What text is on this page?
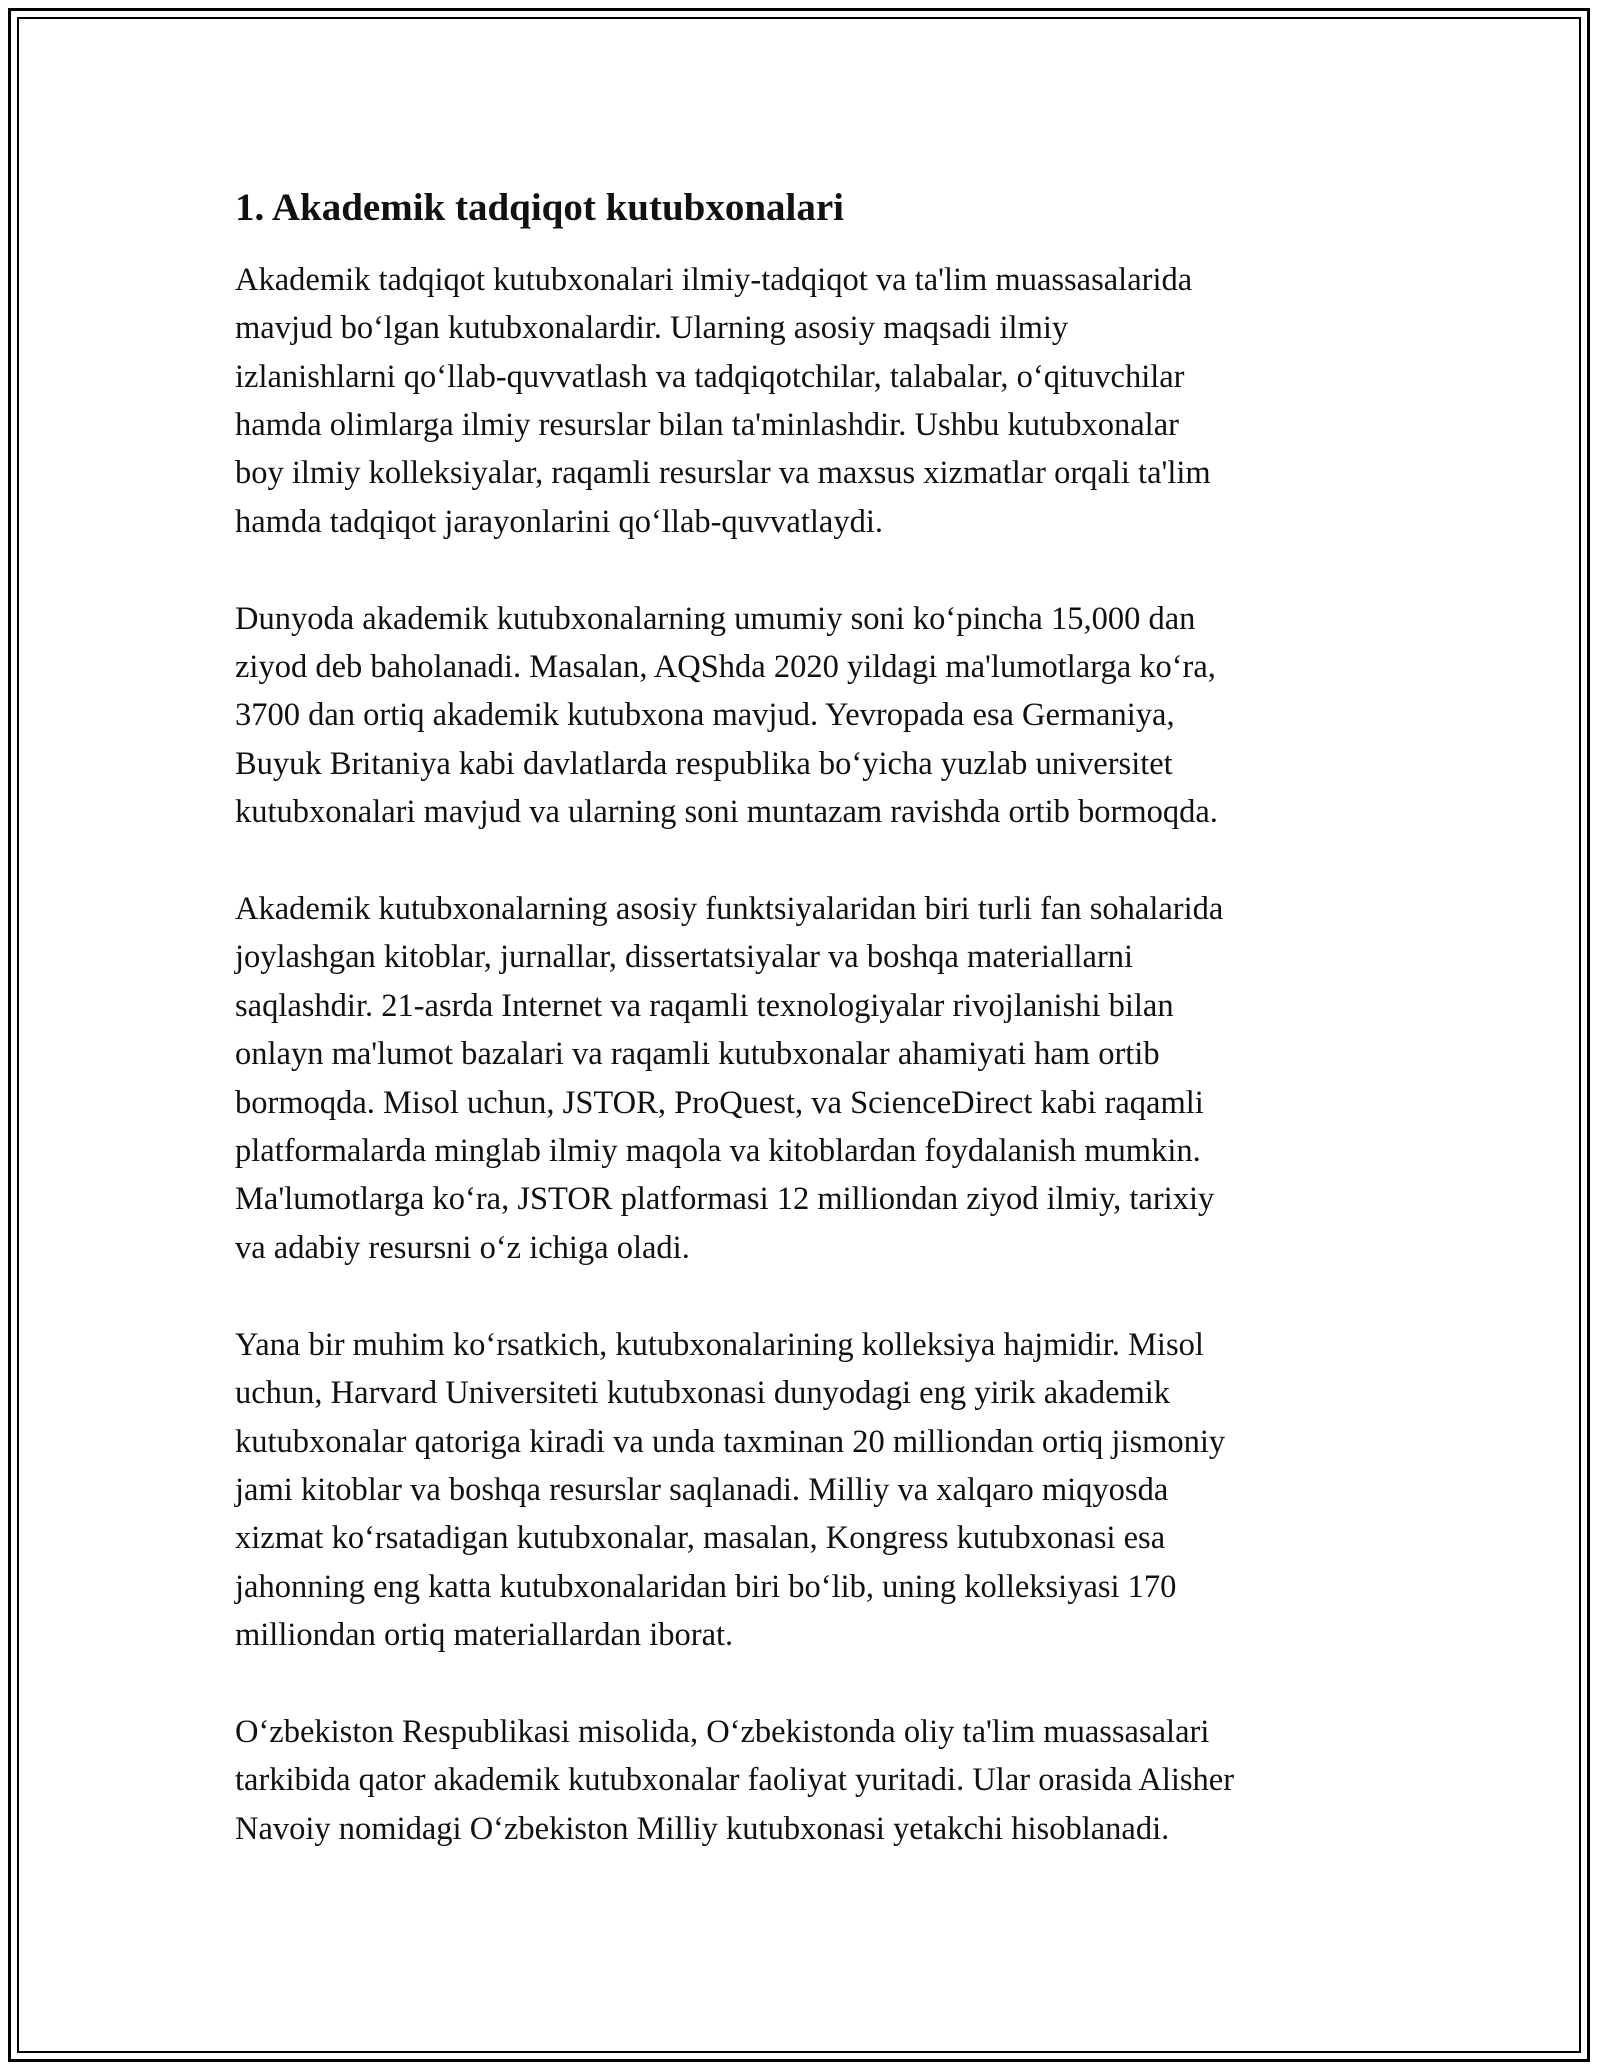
1. Akademik tadqiqot kutubxonalari

Akademik tadqiqot kutubxonalari ilmiy-tadqiqot va ta'lim muassasalarida
mavjud bo‘lgan kutubxonalardir. Ularning asosiy maqsadi ilmiy
izlanishlarni qo‘llab-quvvatlash va tadqiqotchilar, talabalar, o‘qituvchilar
hamda olimlarga ilmiy resurslar bilan ta'minlashdir. Ushbu kutubxonalar
boy ilmiy kolleksiyalar, raqamli resurslar va maxsus xizmatlar orqali ta'lim
hamda tadqiqot jarayonlarini qo‘llab-quvvatlaydi.

Dunyoda akademik kutubxonalarning umumiy soni ko‘pincha 15,000 dan
ziyod deb baholanadi. Masalan, AQShda 2020 yildagi ma'lumotlarga ko‘ra,
3700 dan ortiq akademik kutubxona mavjud. Yevropada esa Germaniya,
Buyuk Britaniya kabi davlatlarda respublika bo‘yicha yuzlab universitet
kutubxonalari mavjud va ularning soni muntazam ravishda ortib bormoqda.

Akademik kutubxonalarning asosiy funktsiyalaridan biri turli fan sohalarida
joylashgan kitoblar, jurnallar, dissertatsiyalar va boshqa materiallarni
saqlashdir. 21-asrda Internet va raqamli texnologiyalar rivojlanishi bilan
onlayn ma'lumot bazalari va raqamli kutubxonalar ahamiyati ham ortib
bormoqda. Misol uchun, JSTOR, ProQuest, va ScienceDirect kabi raqamli
platformalarda minglab ilmiy maqola va kitoblardan foydalanish mumkin.
Ma'lumotlarga ko‘ra, JSTOR platformasi 12 milliondan ziyod ilmiy, tarixiy
va adabiy resursni o‘z ichiga oladi.

Yana bir muhim ko‘rsatkich, kutubxonalarining kolleksiya hajmidir. Misol
uchun, Harvard Universiteti kutubxonasi dunyodagi eng yirik akademik
kutubxonalar qatoriga kiradi va unda taxminan 20 milliondan ortiq jismoniy
jami kitoblar va boshqa resurslar saqlanadi. Milliy va xalqaro miqyosda
xizmat ko‘rsatadigan kutubxonalar, masalan, Kongress kutubxonasi esa
jahonning eng katta kutubxonalaridan biri bo‘lib, uning kolleksiyasi 170
milliondan ortiq materiallardan iborat.

O‘zbekiston Respublikasi misolida, O‘zbekistonda oliy ta'lim muassasalari
tarkibida qator akademik kutubxonalar faoliyat yuritadi. Ular orasida Alisher
Navoiy nomidagi O‘zbekiston Milliy kutubxonasi yetakchi hisoblanadi.
